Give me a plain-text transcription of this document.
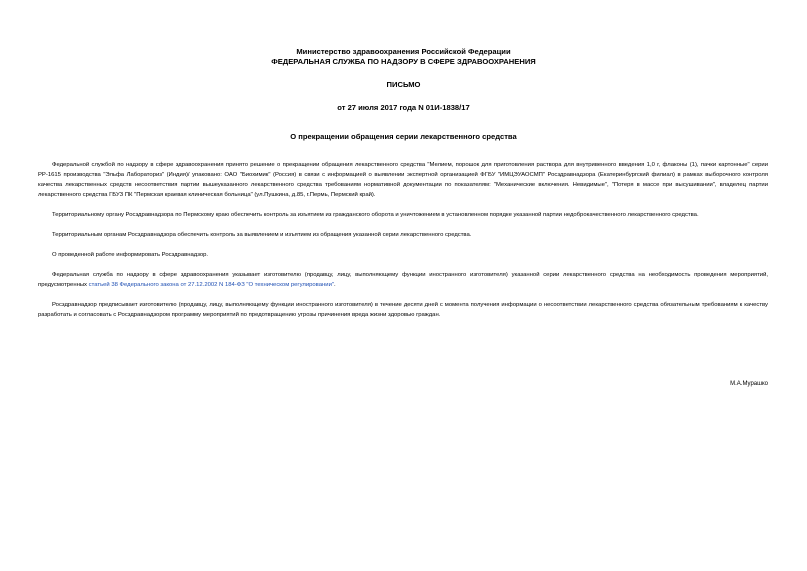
Министерство здравоохранения Российской Федерации
ФЕДЕРАЛЬНАЯ СЛУЖБА ПО НАДЗОРУ В СФЕРЕ ЗДРАВООХРАНЕНИЯ
ПИСЬМО
от 27 июля 2017 года N 01И-1838/17
О прекращении обращения серии лекарственного средства

Федеральной службой по надзору в сфере здравоохранения принято решение о прекращении обращения лекарственного средства "Мелием, порошок для приготовления раствора для внутривенного введения 1,0 г, флаконы (1), пачки картонные" серии РР-1615 производства "Эльфа Лабораториз" (Индия)/ упаковано: ОАО "Биохимик" (Россия) в связи с информацией о выявлении экспертной организацией ФГБУ "ИМЦЭУАОСМП" Росздравнадзора (Екатеринбургский филиал) в рамках выборочного контроля качества лекарственных средств несоответствия партии вышеуказанного лекарственного средства требованиям нормативной документации по показателям: "Механические включения. Невидимые", "Потеря в массе при высушивании", владелец партии лекарственного средства ГБУЗ ПК "Пермская краевая клиническая больница" (ул.Пушкина, д.85, г.Пермь, Пермский край).

Территориальному органу Росздравнадзора по Пермскому краю обеспечить контроль за изъятием из гражданского оборота и уничтожением в установленном порядке указанной партии недоброкачественного лекарственного средства.

Территориальным органам Росздравнадзора обеспечить контроль за выявлением и изъятием из обращения указанной серии лекарственного средства.

О проведенной работе информировать Росздравнадзор.

Федеральная служба по надзору в сфере здравоохранения указывает изготовителю (продавцу, лицу, выполняющему функции иностранного изготовителя) указанной серии лекарственного средства на необходимость проведения мероприятий, предусмотренных статьей 38 Федерального закона от 27.12.2002 N 184-ФЗ "О техническом регулировании".

Росздравнадзор предписывает изготовителю (продавцу, лицу, выполняющему функции иностранного изготовителя) в течение десяти дней с момента получения информации о несоответствии лекарственного средства обязательным требованиям к качеству разработать и согласовать с Росздравнадзором программу мероприятий по предотвращению угрозы причинения вреда жизни здоровью граждан.

М.А.Мурашко
